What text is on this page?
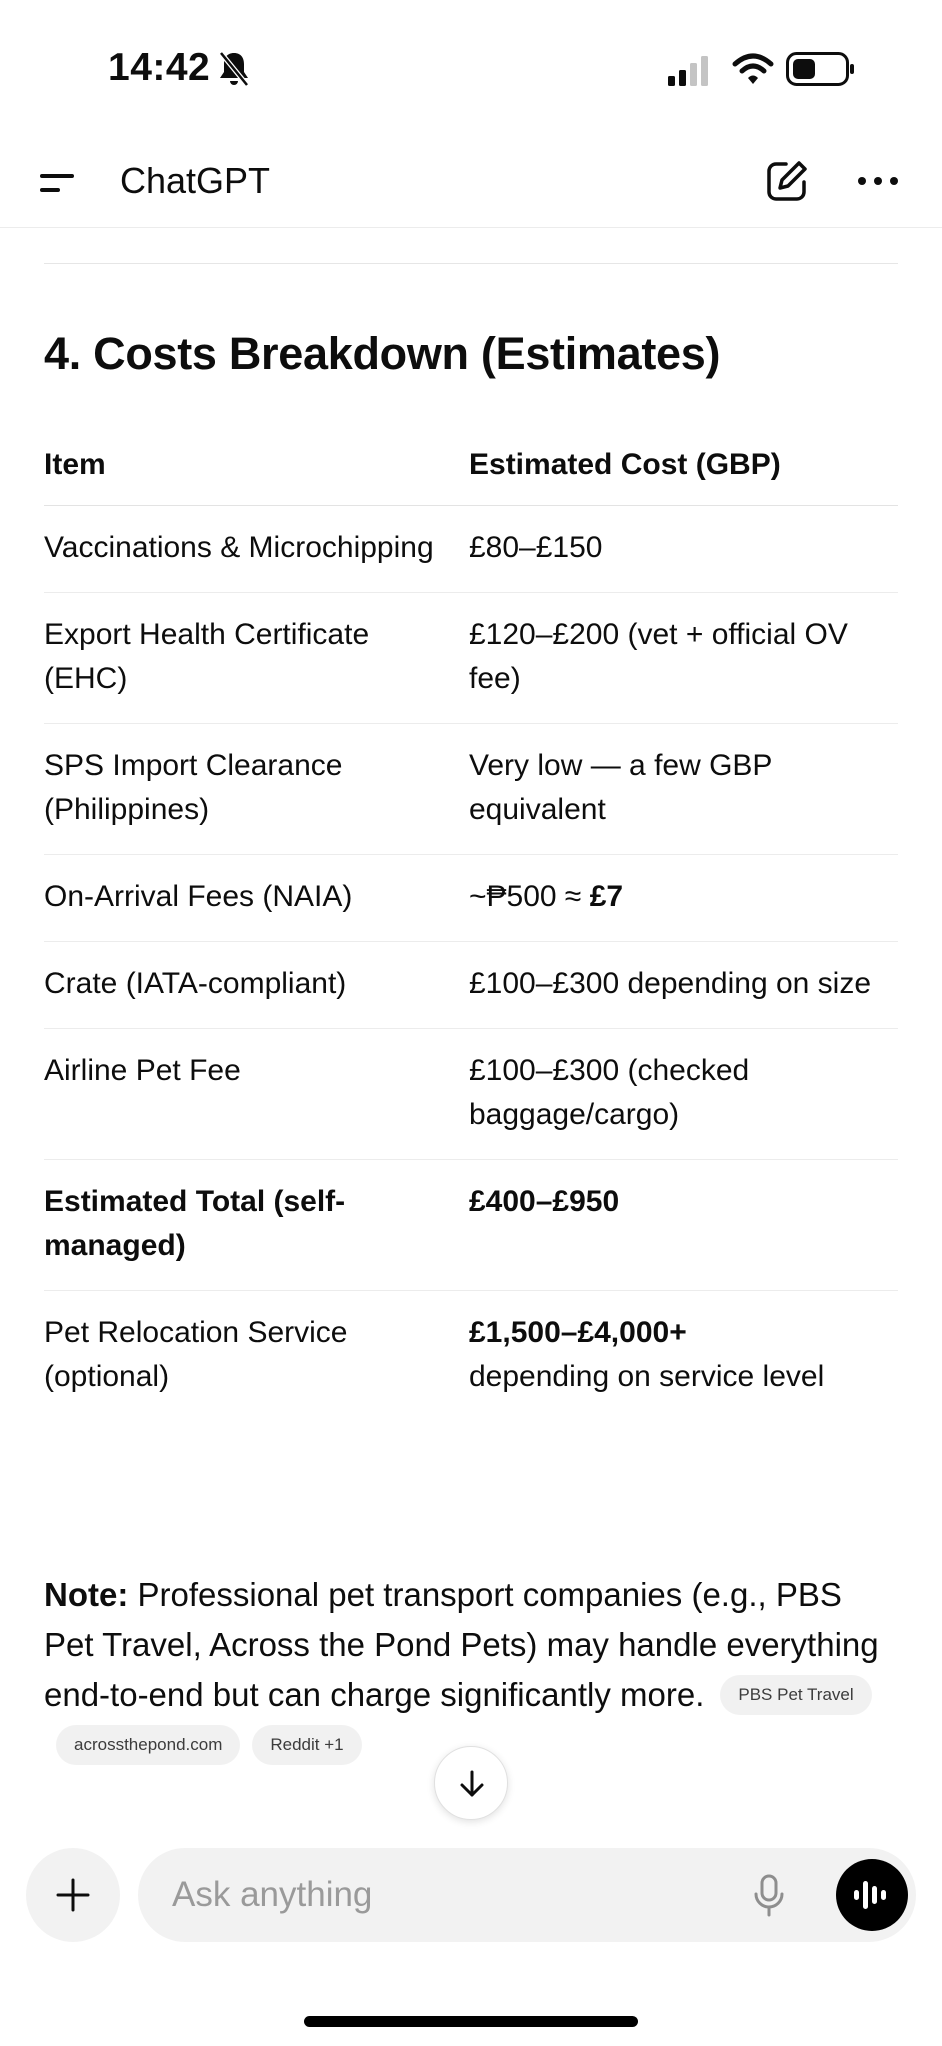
14:42
ChatGPT
4. Costs Breakdown (Estimates)
Item	Estimated Cost (GBP)
Vaccinations & Microchipping	£80–£150
Export Health Certificate (EHC)	£120–£200 (vet + official OV fee)
SPS Import Clearance (Philippines)	Very low — a few GBP equivalent
On-Arrival Fees (NAIA)	~₱500 ≈ £7
Crate (IATA-compliant)	£100–£300 depending on size
Airline Pet Fee	£100–£300 (checked baggage/cargo)
Estimated Total (self-managed)	£400–£950
Pet Relocation Service (optional)	£1,500–£4,000+
depending on service level

Note: Professional pet transport companies (e.g., PBS Pet Travel, Across the Pond Pets) may handle everything end-to-end but can charge significantly more. PBS Pet Travelacrossthepond.com	Reddit +1

Ask anything
